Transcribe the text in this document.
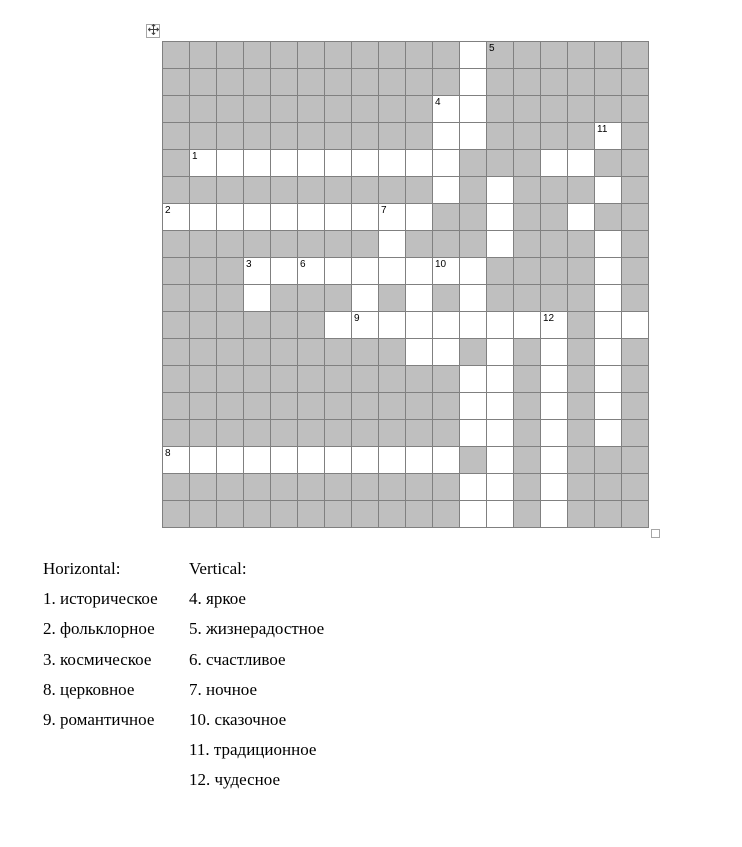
												5					

										4							

																11	

	1																

2								7									

			3		6					10							

							9							12			

8																	

Horizontal:
1. историческое
2. фольклорное
3. космическое
8. церковное
9. романтичное
Vertical:
4. яркое
5. жизнерадостное
6. счастливое
7. ночное
10. сказочное
11. традиционное
12. чудесное
